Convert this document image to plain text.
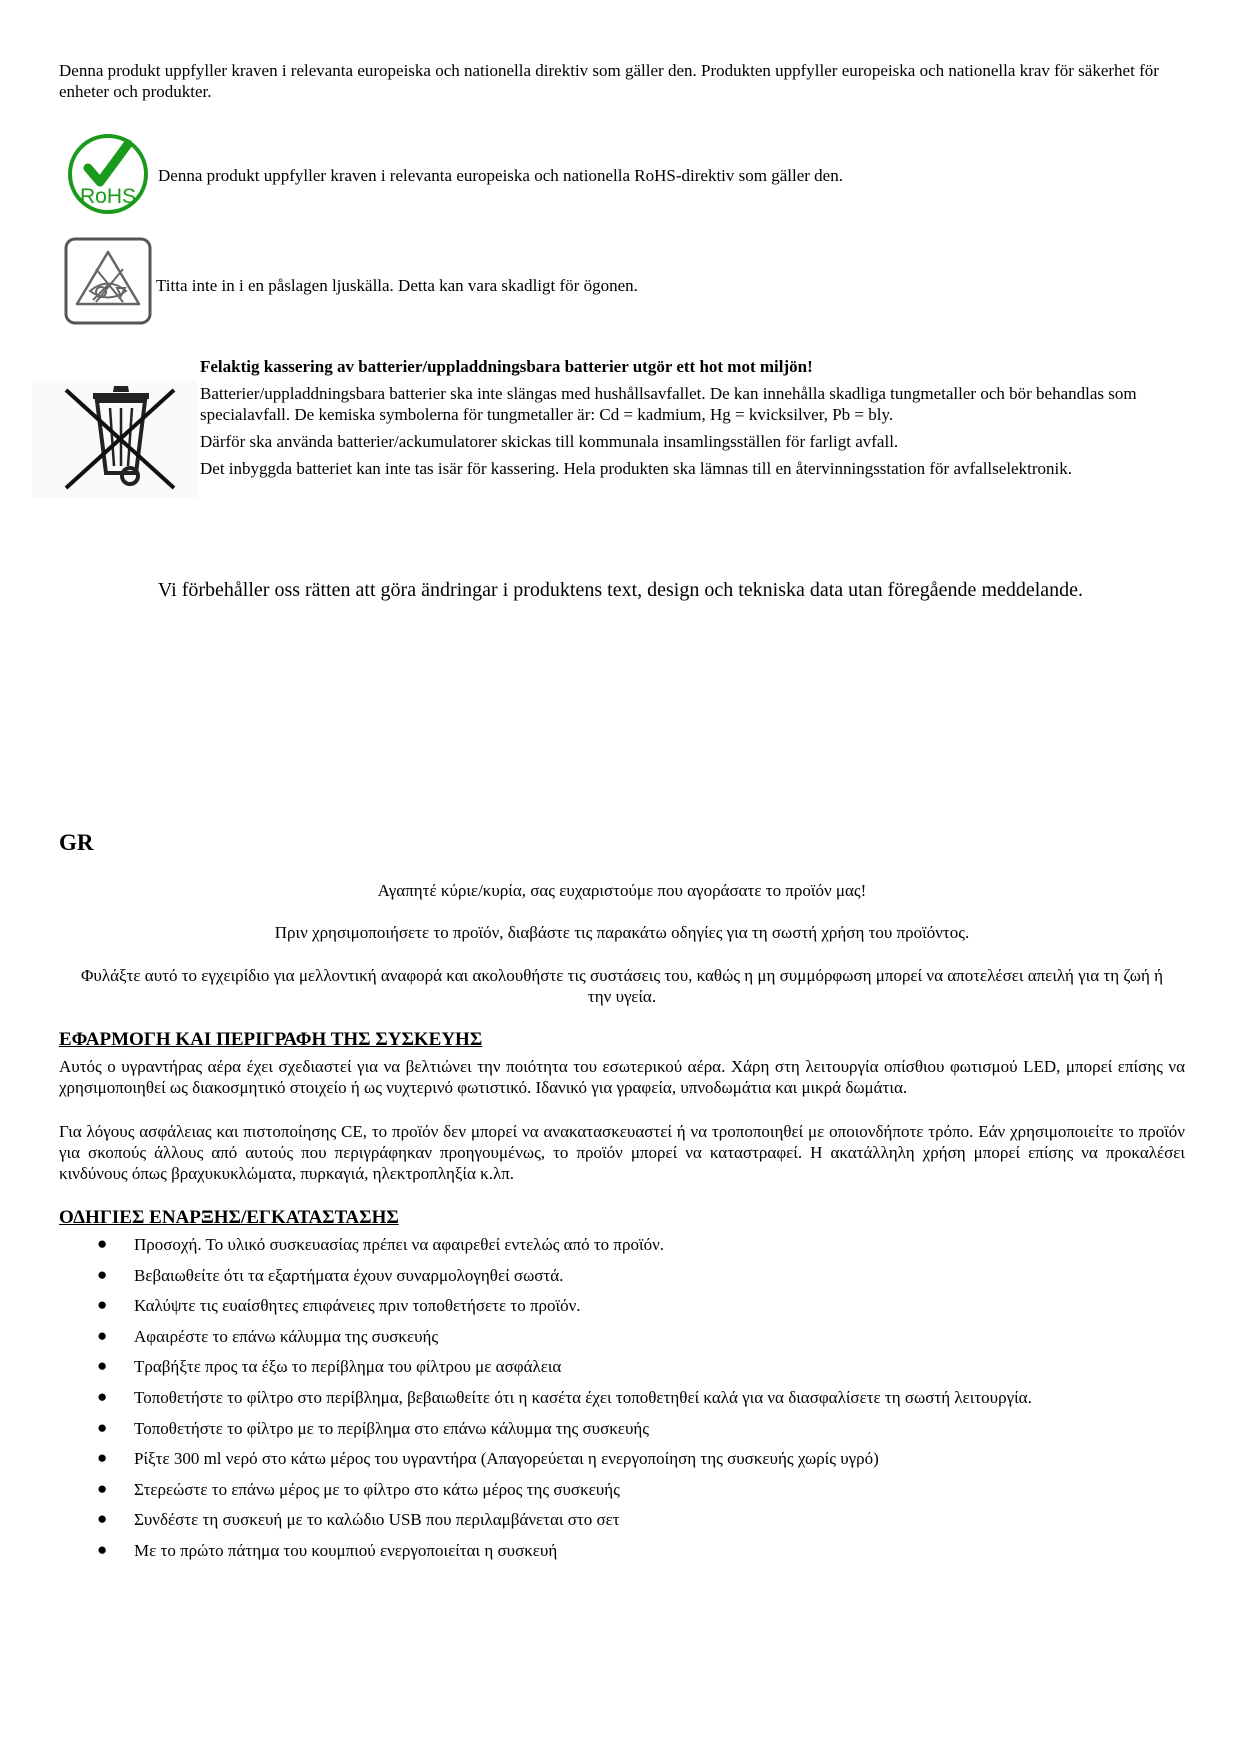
Denna produkt uppfyller kraven i relevanta europeiska och nationella direktiv som gäller den. Produkten uppfyller europeiska och nationella krav för säkerhet för enheter och produkter.

RoHS

Denna produkt uppfyller kraven i relevanta europeiska och nationella RoHS-direktiv som gäller den.

Titta inte in i en påslagen ljuskälla. Detta kan vara skadligt för ögonen.

Felaktig kassering av batterier/uppladdningsbara batterier utgör ett hot mot miljön!

Batterier/uppladdningsbara batterier ska inte slängas med hushållsavfallet. De kan innehålla skadliga tungmetaller och bör behandlas som specialavfall. De kemiska symbolerna för tungmetaller är: Cd = kadmium, Hg = kvicksilver, Pb = bly.

Därför ska använda batterier/ackumulatorer skickas till kommunala insamlingsställen för farligt avfall.

Det inbyggda batteriet kan inte tas isär för kassering. Hela produkten ska lämnas till en återvinningsstation för avfallselektronik.

Vi förbehåller oss rätten att göra ändringar i produktens text, design och tekniska data utan föregående meddelande.

GR

Αγαπητέ κύριε/κυρία, σας ευχαριστούμε που αγοράσατε το προϊόν μας!

Πριν χρησιμοποιήσετε το προϊόν, διαβάστε τις παρακάτω οδηγίες για τη σωστή χρήση του προϊόντος.

Φυλάξτε αυτό το εγχειρίδιο για μελλοντική αναφορά και ακολουθήστε τις συστάσεις του, καθώς η μη συμμόρφωση μπορεί να αποτελέσει απειλή για τη ζωή ή την υγεία.

ΕΦΑΡΜΟΓΗ ΚΑΙ ΠΕΡΙΓΡΑΦΗ ΤΗΣ ΣΥΣΚΕΥΗΣ

Αυτός ο υγραντήρας αέρα έχει σχεδιαστεί για να βελτιώνει την ποιότητα του εσωτερικού αέρα. Χάρη στη λειτουργία οπίσθιου φωτισμού LED, μπορεί επίσης να χρησιμοποιηθεί ως διακοσμητικό στοιχείο ή ως νυχτερινό φωτιστικό. Ιδανικό για γραφεία, υπνοδωμάτια και μικρά δωμάτια.

Για λόγους ασφάλειας και πιστοποίησης CE, το προϊόν δεν μπορεί να ανακατασκευαστεί ή να τροποποιηθεί με οποιονδήποτε τρόπο. Εάν χρησιμοποιείτε το προϊόν για σκοπούς άλλους από αυτούς που περιγράφηκαν προηγουμένως, το προϊόν μπορεί να καταστραφεί. Η ακατάλληλη χρήση μπορεί επίσης να προκαλέσει κινδύνους όπως βραχυκυκλώματα, πυρκαγιά, ηλεκτροπληξία κ.λπ.

ΟΔΗΓΙΕΣ ΕΝΑΡΞΗΣ/ΕΓΚΑΤΑΣΤΑΣΗΣ

● Προσοχή. Το υλικό συσκευασίας πρέπει να αφαιρεθεί εντελώς από το προϊόν.
● Βεβαιωθείτε ότι τα εξαρτήματα έχουν συναρμολογηθεί σωστά.
● Καλύψτε τις ευαίσθητες επιφάνειες πριν τοποθετήσετε το προϊόν.
● Αφαιρέστε το επάνω κάλυμμα της συσκευής
● Τραβήξτε προς τα έξω το περίβλημα του φίλτρου με ασφάλεια
● Τοποθετήστε το φίλτρο στο περίβλημα, βεβαιωθείτε ότι η κασέτα έχει τοποθετηθεί καλά για να διασφαλίσετε τη σωστή λειτουργία.
● Τοποθετήστε το φίλτρο με το περίβλημα στο επάνω κάλυμμα της συσκευής
● Ρίξτε 300 ml νερό στο κάτω μέρος του υγραντήρα (Απαγορεύεται η ενεργοποίηση της συσκευής χωρίς υγρό)
● Στερεώστε το επάνω μέρος με το φίλτρο στο κάτω μέρος της συσκευής
● Συνδέστε τη συσκευή με το καλώδιο USB που περιλαμβάνεται στο σετ
● Με το πρώτο πάτημα του κουμπιού ενεργοποιείται η συσκευή
